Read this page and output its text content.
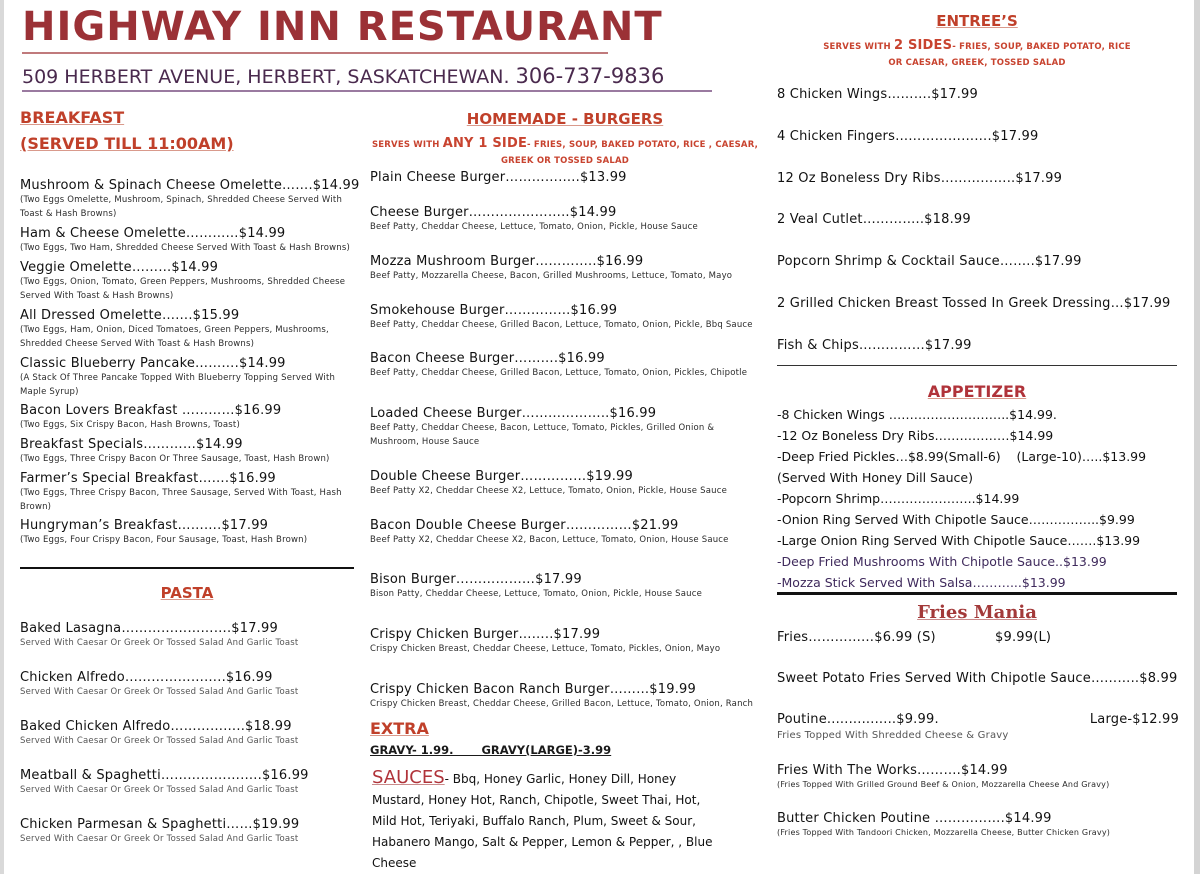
HIGHWAY INN RESTAURANT
509 HERBERT AVENUE, HERBERT, SASKATCHEWAN. 306-737-9836
BREAKFAST
(SERVED TILL 11:00AM)
Mushroom & Spinach Cheese Omelette…….$14.99
(Two Eggs Omelette, Mushroom, Spinach, Shredded Cheese Served With Toast & Hash Browns)
Ham & Cheese Omelette…………$14.99
(Two Eggs, Two Ham, Shredded Cheese Served With Toast & Hash Browns)
Veggie Omelette………$14.99
(Two Eggs, Onion, Tomato, Green Peppers, Mushrooms, Shredded Cheese Served With Toast & Hash Browns)
All Dressed Omelette…….$15.99
(Two Eggs, Ham, Onion, Diced Tomatoes, Green Peppers, Mushrooms, Shredded Cheese Served With Toast & Hash Browns)
Classic Blueberry Pancake……….$14.99
(A Stack Of Three Pancake Topped With Blueberry Topping Served With Maple Syrup)
Bacon Lovers Breakfast …………$16.99
(Two Eggs, Six Crispy Bacon, Hash Browns, Toast)
Breakfast Specials…………$14.99
(Two Eggs, Three Crispy Bacon Or Three Sausage, Toast, Hash Brown)
Farmer’s Special Breakfast…….$16.99
(Two Eggs, Three Crispy Bacon, Three Sausage, Served With Toast, Hash Brown)
Hungryman’s Breakfast……….$17.99
(Two Eggs, Four Crispy Bacon, Four Sausage, Toast, Hash Brown)
PASTA
Baked Lasagna…………………….$17.99
Served With Caesar Or Greek Or Tossed Salad And Garlic Toast
Chicken Alfredo…………………..$16.99
Served With Caesar Or Greek Or Tossed Salad And Garlic Toast
Baked Chicken Alfredo……………..$18.99
Served With Caesar Or Greek Or Tossed Salad And Garlic Toast
Meatball & Spaghetti…………………..$16.99
Served With Caesar Or Greek Or Tossed Salad And Garlic Toast
Chicken Parmesan & Spaghetti……$19.99
Served With Caesar Or Greek Or Tossed Salad And Garlic Toast
HOMEMADE - BURGERS
SERVES WITH ANY 1 SIDE- FRIES, SOUP, BAKED POTATO, RICE , CAESAR, GREEK OR TOSSED SALAD
Plain Cheese Burger……………..$13.99
Cheese Burger…………………..$14.99
Beef Patty, Cheddar Cheese, Lettuce, Tomato, Onion, Pickle, House Sauce
Mozza Mushroom Burger…………..$16.99
Beef Patty, Mozzarella Cheese, Bacon, Grilled Mushrooms, Lettuce, Tomato, Mayo
Smokehouse Burger……………$16.99
Beef Patty, Cheddar Cheese, Grilled Bacon, Lettuce, Tomato, Onion, Pickle, Bbq Sauce
Bacon Cheese Burger……….$16.99
Beef Patty, Cheddar Cheese, Grilled Bacon, Lettuce, Tomato, Onion, Pickles, Chipotle
Loaded Cheese Burger………………..$16.99
Beef Patty, Cheddar Cheese, Bacon, Lettuce, Tomato, Pickles, Grilled Onion & Mushroom, House Sauce
Double Cheese Burger……………$19.99
Beef Patty X2, Cheddar Cheese X2, Lettuce, Tomato, Onion, Pickle, House Sauce
Bacon Double Cheese Burger……………$21.99
Beef Patty X2, Cheddar Cheese X2, Bacon, Lettuce, Tomato, Onion, House Sauce
Bison Burger………………$17.99
Bison Patty, Cheddar Cheese, Lettuce, Tomato, Onion, Pickle, House Sauce
Crispy Chicken Burger……..$17.99
Crispy Chicken Breast, Cheddar Cheese, Lettuce, Tomato, Pickles, Onion, Mayo
Crispy Chicken Bacon Ranch Burger………$19.99
Crispy Chicken Breast, Cheddar Cheese, Grilled Bacon, Lettuce, Tomato, Onion, Ranch
EXTRA
GRAVY- 1.99.       GRAVY(LARGE)-3.99
SAUCES- Bbq, Honey Garlic, Honey Dill, Honey Mustard, Honey Hot, Ranch, Chipotle, Sweet Thai, Hot, Mild Hot, Teriyaki, Buffalo Ranch, Plum, Sweet & Sour, Habanero Mango, Salt & Pepper, Lemon & Pepper, , Blue Cheese
ENTREE’S
SERVES WITH 2 SIDES- FRIES, SOUP, BAKED POTATO, RICE
OR CAESAR, GREEK, TOSSED SALAD
8 Chicken Wings……….$17.99
4 Chicken Fingers………………….$17.99
12 Oz Boneless Dry Ribs……………..$17.99
2 Veal Cutlet…………..$18.99
Popcorn Shrimp & Cocktail Sauce……..$17.99
2 Grilled Chicken Breast Tossed In Greek Dressing…$17.99
Fish & Chips……………$17.99
APPETIZER
-8 Chicken Wings ………………………..$14.99.
-12 Oz Boneless Dry Ribs………………$14.99
-Deep Fried Pickles…$8.99(Small-6)    (Large-10)…..$13.99
(Served With Honey Dill Sauce)
-Popcorn Shrimp…………………..$14.99
-Onion Ring Served With Chipotle Sauce……………..$9.99
-Large Onion Ring Served With Chipotle Sauce…….$13.99
-Deep Fried Mushrooms With Chipotle Sauce..$13.99
-Mozza Stick Served With Salsa………...$13.99
Fries Mania
Fries……………$6.99 (S)	$9.99(L)
Sweet Potato Fries Served With Chipotle Sauce………..$8.99
Poutine................$9.99.	Large-$12.99
Fries Topped With Shredded Cheese & Gravy
Fries With The Works……….$14.99
(Fries Topped With Grilled Ground Beef & Onion, Mozzarella Cheese And Gravy)
Butter Chicken Poutine …………….$14.99
(Fries Topped With Tandoori Chicken, Mozzarella Cheese, Butter Chicken Gravy)
